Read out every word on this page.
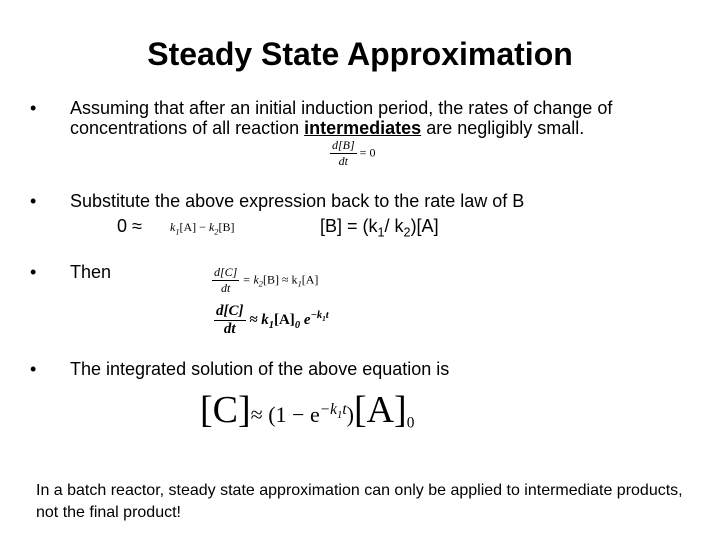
Steady State Approximation
• Assuming that after an initial induction period, the rates of change of
concentrations of all reaction intermediates are negligibly small.
$\frac{d[B]}{dt} = 0$
• Substitute the above expression back to the rate law of B
$0 \approx k_1[A] - k_2[B]$	$[B] = (k_1/$ $k_2)[A]$
• Then	$\frac{d[C]}{dt} = k_2[B] \approx k_1[A]$
$\frac{d[C]}{dt} \approx k_1[A]_0$ $e^{-k_1t}$
• The integrated solution of the above equation is
$[C]\approx (1 - e^{-k_1t})[A]_0$
In a batch reactor, steady state approximation can only be applied to intermediate products, not the final product!
